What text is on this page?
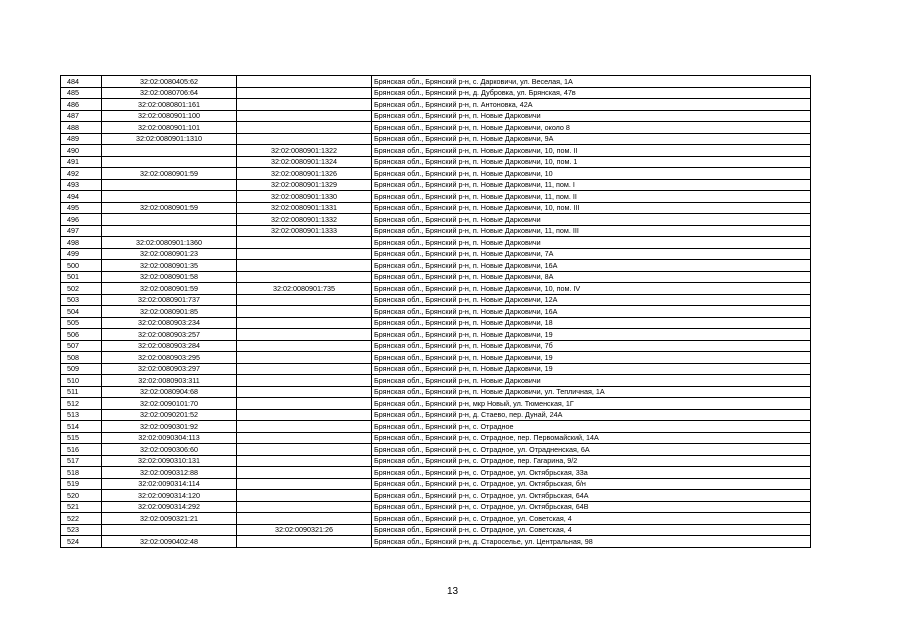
484	32:02:0080405:62		Брянская обл., Брянский р-н, с. Дарковичи, ул. Веселая, 1А
485	32:02:0080706:64		Брянская обл., Брянский р-н, д. Дубровка, ул. Брянская, 47в
486	32:02:0080801:161		Брянская обл., Брянский р-н, п. Антоновка, 42А
487	32:02:0080901:100		Брянская обл., Брянский р-н, п. Новые Дарковичи
488	32:02:0080901:101		Брянская обл., Брянский р-н, п. Новые Дарковичи, около 8
489	32:02:0080901:1310		Брянская обл., Брянский р-н, п. Новые Дарковичи, 9А
490		32:02:0080901:1322	Брянская обл., Брянский р-н, п. Новые Дарковичи, 10, пом. II
491		32:02:0080901:1324	Брянская обл., Брянский р-н, п. Новые Дарковичи, 10, пом. 1
492	32:02:0080901:59	32:02:0080901:1326	Брянская обл., Брянский р-н, п. Новые Дарковичи, 10
493		32:02:0080901:1329	Брянская обл., Брянский р-н, п. Новые Дарковичи, 11, пом. I
494		32:02:0080901:1330	Брянская обл., Брянский р-н, п. Новые Дарковичи, 11, пом. II
495	32:02:0080901:59	32:02:0080901:1331	Брянская обл., Брянский р-н, п. Новые Дарковичи, 10, пом. III
496		32:02:0080901:1332	Брянская обл., Брянский р-н, п. Новые Дарковичи
497		32:02:0080901:1333	Брянская обл., Брянский р-н, п. Новые Дарковичи, 11, пом. III
498	32:02:0080901:1360		Брянская обл., Брянский р-н, п. Новые Дарковичи
499	32:02:0080901:23		Брянская обл., Брянский р-н, п. Новые Дарковичи, 7А
500	32:02:0080901:35		Брянская обл., Брянский р-н, п. Новые Дарковичи, 16А
501	32:02:0080901:58		Брянская обл., Брянский р-н, п. Новые Дарковичи, 8А
502	32:02:0080901:59	32:02:0080901:735	Брянская обл., Брянский р-н, п. Новые Дарковичи, 10, пом. IV
503	32:02:0080901:737		Брянская обл., Брянский р-н, п. Новые Дарковичи, 12А
504	32:02:0080901:85		Брянская обл., Брянский р-н, п. Новые Дарковичи, 16А
505	32:02:0080903:234		Брянская обл., Брянский р-н, п. Новые Дарковичи, 18
506	32:02:0080903:257		Брянская обл., Брянский р-н, п. Новые Дарковичи, 19
507	32:02:0080903:284		Брянская обл., Брянский р-н, п. Новые Дарковичи, 7б
508	32:02:0080903:295		Брянская обл., Брянский р-н, п. Новые Дарковичи, 19
509	32:02:0080903:297		Брянская обл., Брянский р-н, п. Новые Дарковичи, 19
510	32:02:0080903:311		Брянская обл., Брянский р-н, п. Новые Дарковичи
511	32:02:0080904:68		Брянская обл., Брянский р-н, п. Новые Дарковичи, ул. Тепличная, 1А
512	32:02:0090101:70		Брянская обл., Брянский р-н, мкр Новый, ул. Тюменская, 1Г
513	32:02:0090201:52		Брянская обл., Брянский р-н, д. Стаево, пер. Дунай, 24А
514	32:02:0090301:92		Брянская обл., Брянский р-н, с. Отрадное
515	32:02:0090304:113		Брянская обл., Брянский р-н, с. Отрадное, пер. Первомайский, 14А
516	32:02:0090306:60		Брянская обл., Брянский р-н, с. Отрадное, ул. Отрадненская, 6А
517	32:02:0090310:131		Брянская обл., Брянский р-н, с. Отрадное, пер. Гагарина, 9/2
518	32:02:0090312:88		Брянская обл., Брянский р-н, с. Отрадное, ул. Октябрьская, 33а
519	32:02:0090314:114		Брянская обл., Брянский р-н, с. Отрадное, ул. Октябрьская, б/н
520	32:02:0090314:120		Брянская обл., Брянский р-н, с. Отрадное, ул. Октябрьская, 64А
521	32:02:0090314:292		Брянская обл., Брянский р-н, с. Отрадное, ул. Октябрьская, 64В
522	32:02:0090321:21		Брянская обл., Брянский р-н, с. Отрадное, ул. Советская, 4
523		32:02:0090321:26	Брянская обл., Брянский р-н, с. Отрадное, ул. Советская, 4
524	32:02:0090402:48		Брянская обл., Брянский р-н, д. Староселье, ул. Центральная, 98
13
